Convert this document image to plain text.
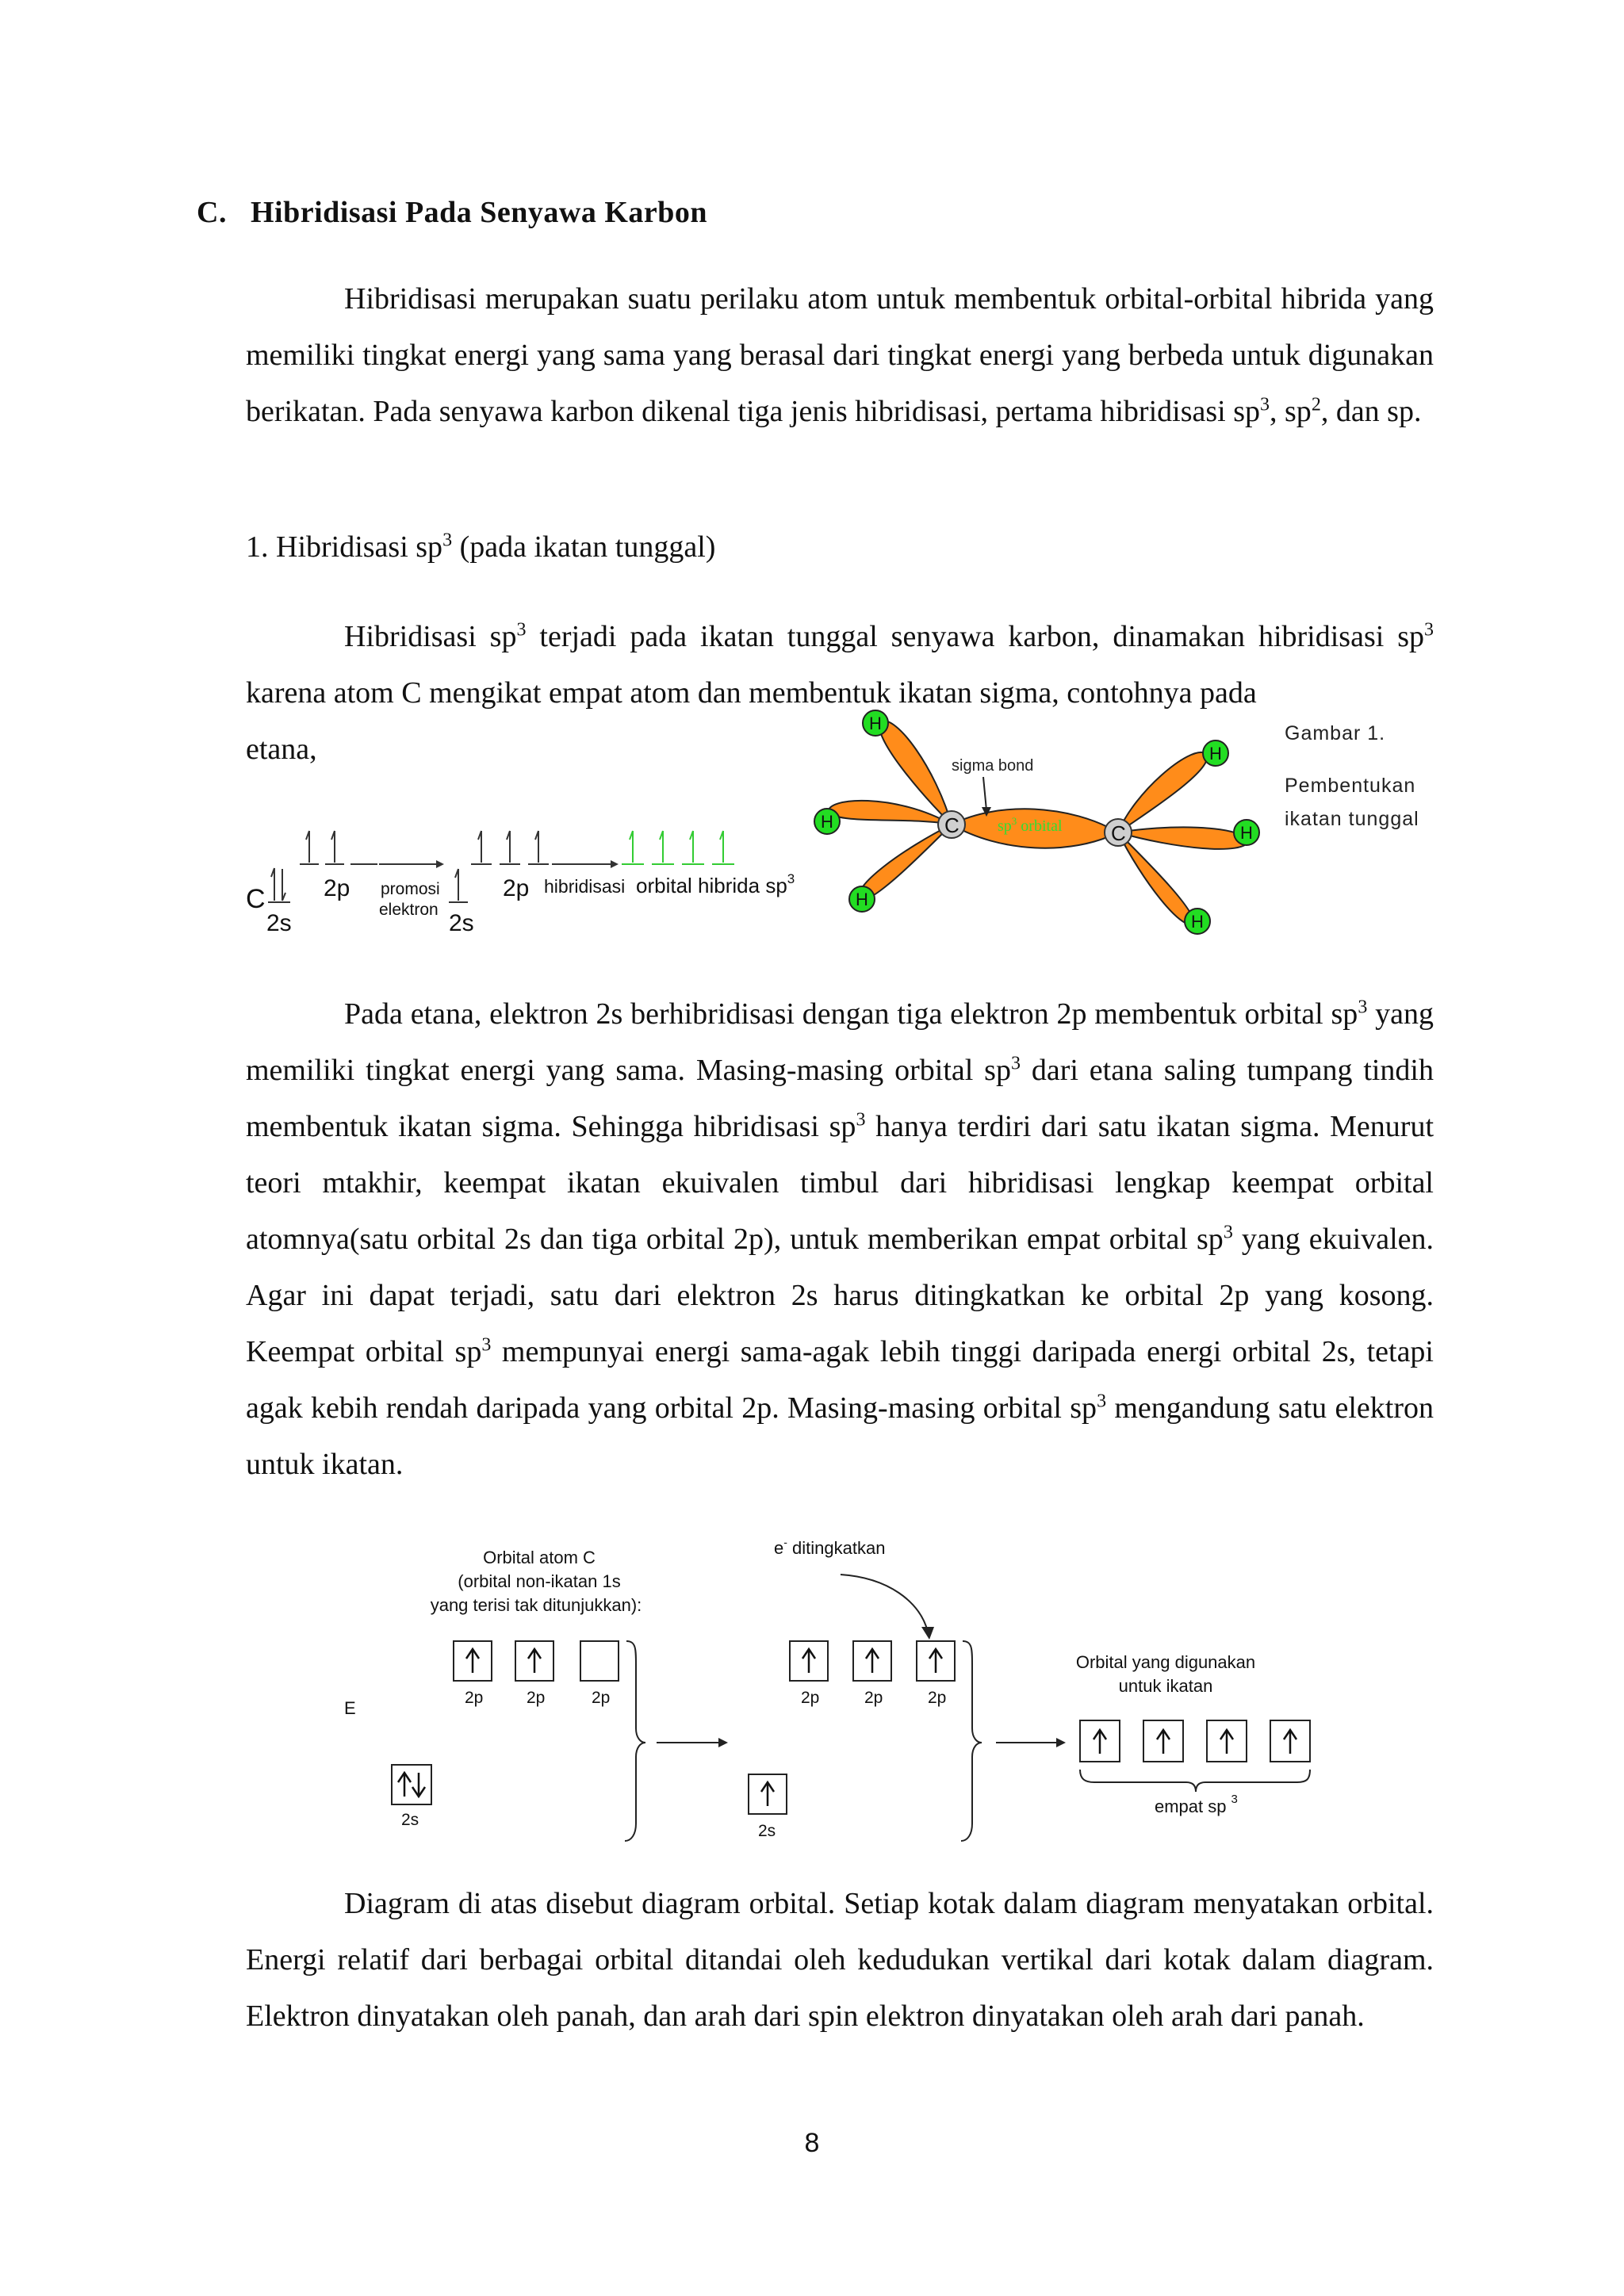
C. Hibridisasi Pada Senyawa Karbon
Hibridisasi merupakan suatu perilaku atom untuk membentuk orbital-orbital hibrida yang memiliki tingkat energi yang sama yang berasal dari tingkat energi yang berbeda untuk digunakan berikatan. Pada senyawa karbon dikenal tiga jenis hibridisasi, pertama hibridisasi $sp^3$, $sp^2$, dan sp.
1. Hibridisasi $sp^3$ (pada ikatan tunggal)
Hibridisasi $sp^3$ terjadi pada ikatan tunggal senyawa karbon, dinamakan hibridisasi $sp^3$ karena atom C mengikat empat atom dan membentuk ikatan sigma, contohnya pada
etana,
C
2s
2p promosi
elektron
2s
2p hibridisasi orbital hibrida $sp^3$
C	C
$sp^3$ orbital
sigma bond
H
H
H
H
H
H
Gambar 1.
Pembentukan
ikatan tunggal
Pada etana, elektron 2s berhibridisasi dengan tiga elektron 2p membentuk orbital $sp^3$ yang memiliki tingkat energi yang sama. Masing-masing orbital $sp^3$ dari etana saling tumpang tindih membentuk ikatan sigma. Sehingga hibridisasi $sp^3$ hanya terdiri dari satu ikatan sigma. Menurut teori mtakhir, keempat ikatan ekuivalen timbul dari hibridisasi lengkap keempat orbital atomnya(satu orbital 2s dan tiga orbital 2p), untuk memberikan empat orbital $sp^3$ yang ekuivalen. Agar ini dapat terjadi, satu dari elektron 2s harus ditingkatkan ke orbital 2p yang kosong. Keempat orbital $sp^3$ mempunyai energi sama-agak lebih tinggi daripada energi orbital 2s, tetapi agak kebih rendah daripada yang orbital 2p. Masing-masing orbital $sp^3$ mengandung satu elektron untuk ikatan.
Orbital atom C
(orbital non-ikatan 1s
yang terisi tak ditunjukkan):
e- ditingkatkan
E
2p	2p	2p
2s
2p	2p	2p
2s
Orbital yang digunakan
untuk ikatan
empat sp $^3$
Diagram di atas disebut diagram orbital. Setiap kotak dalam diagram menyatakan orbital. Energi relatif dari berbagai orbital ditandai oleh kedudukan vertikal dari kotak dalam diagram. Elektron dinyatakan oleh panah, dan arah dari spin elektron dinyatakan oleh arah dari panah.
8
